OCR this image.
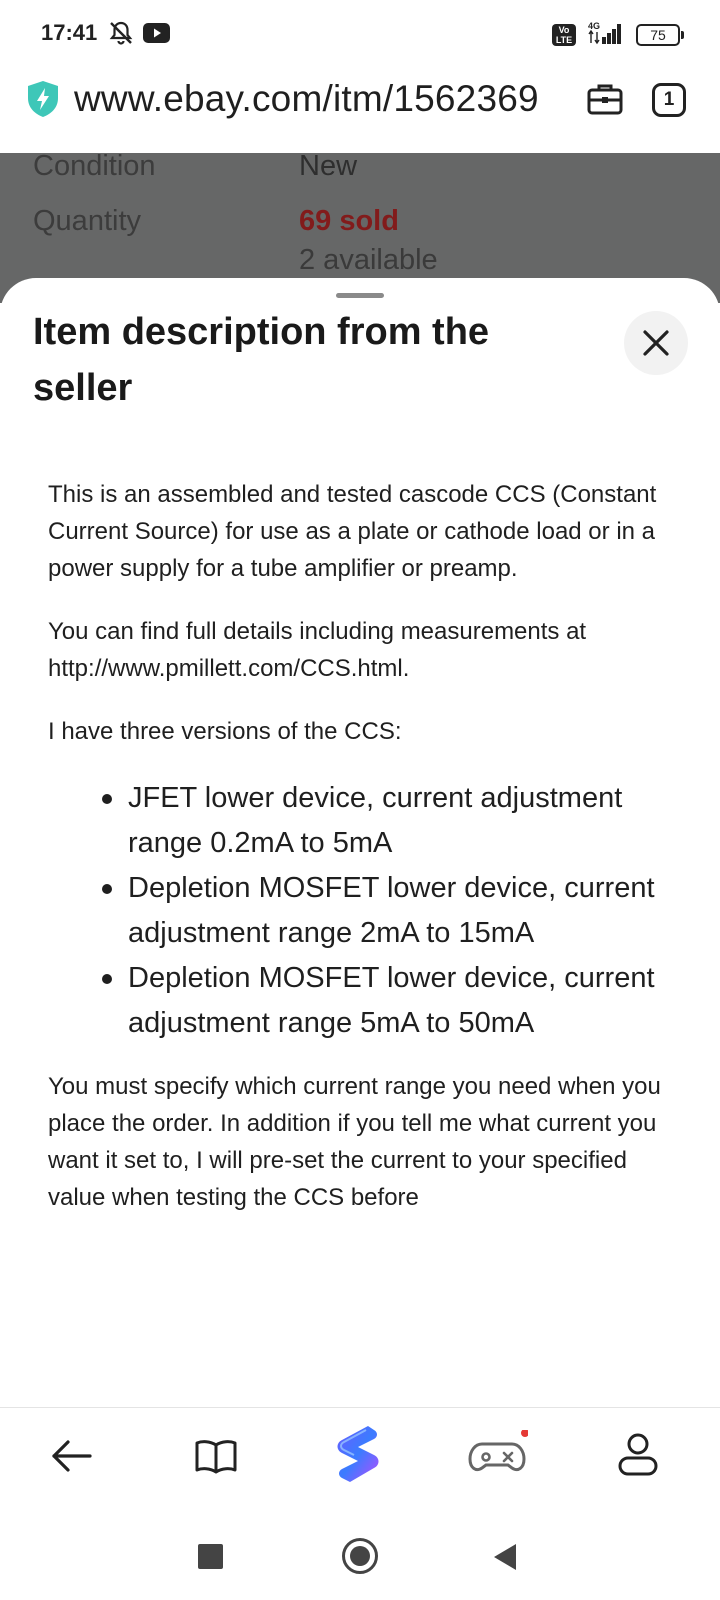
17:41	Vo LTE
4G
75
www.ebay.com/itm/1562369	1
Condition	New
Quantity	69 sold
2 available
Item description from the seller

This is an assembled and tested cascode CCS (Constant Current Source) for use as a plate or cathode load or in a power supply for a tube amplifier or preamp.

You can find full details including measurements at http://www.pmillett.com/CCS.html.

I have three versions of the CCS:

JFET lower device, current adjustment range 0.2mA to 5mA
Depletion MOSFET lower device, current adjustment range 2mA to 15mA
Depletion MOSFET lower device, current adjustment range 5mA to 50mA

You must specify which current range you need when you place the order. In addition if you tell me what current you want it set to, I will pre-set the current to your specified value when testing the CCS before
